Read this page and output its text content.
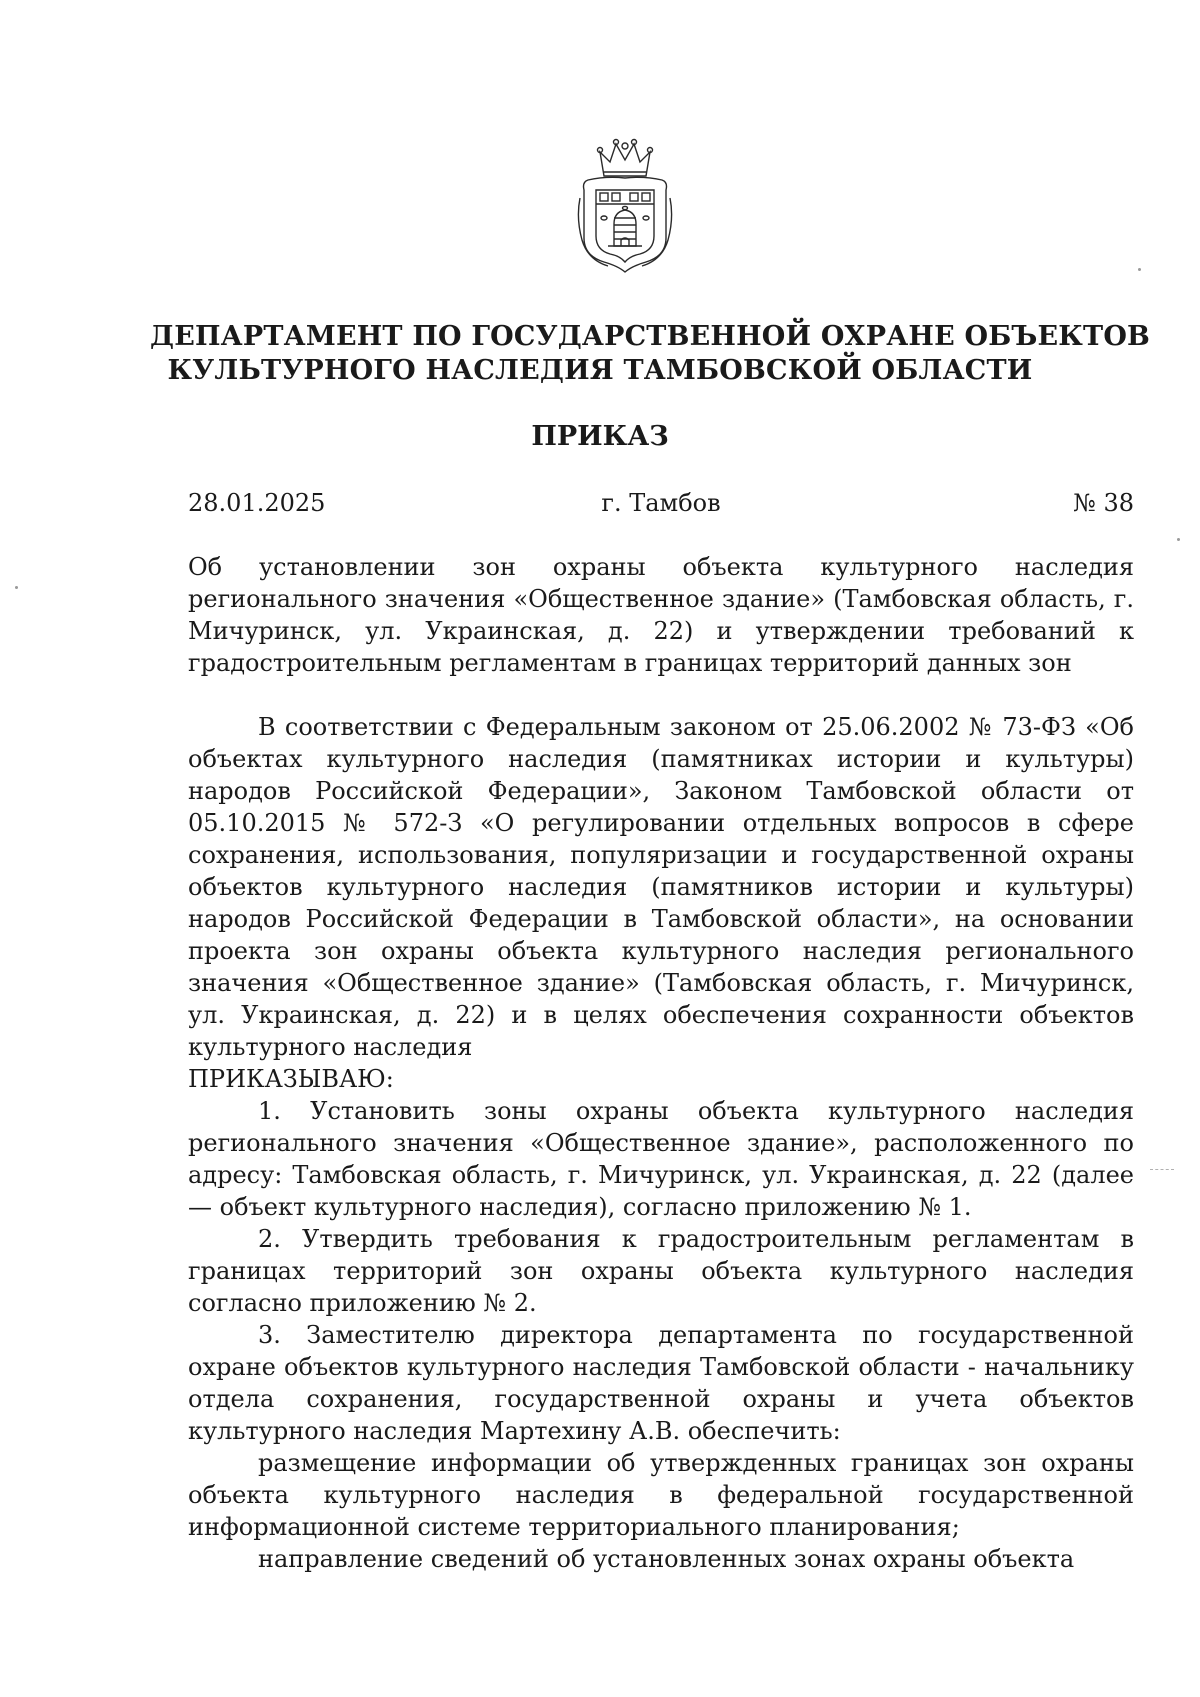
ДЕПАРТАМЕНТ ПО ГОСУДАРСТВЕННОЙ ОХРАНЕ ОБЪЕКТОВ
КУЛЬТУРНОГО НАСЛЕДИЯ ТАМБОВСКОЙ ОБЛАСТИ
ПРИКАЗ
г. Тамбов
28.01.2025	№ 38
Об установлении зон охраны объекта культурного наследия регионального значения «Общественное здание» (Тамбовская область, г. Мичуринск, ул. Украинская, д. 22) и утверждении требований к градостроительным регламентам в границах территорий данных зон

В соответствии с Федеральным законом от 25.06.2002 № 73-ФЗ «Об объектах культурного наследия (памятниках истории и культуры) народов Российской Федерации», Законом Тамбовской области от 05.10.2015 № 572-З «О регулировании отдельных вопросов в сфере сохранения, использования, популяризации и государственной охраны объектов культурного наследия (памятников истории и культуры) народов Российской Федерации в Тамбовской области», на основании проекта зон охраны объекта культурного наследия регионального значения «Общественное здание» (Тамбовская область, г. Мичуринск, ул. Украинская, д. 22) и в целях обеспечения сохранности объектов культурного наследия

ПРИКАЗЫВАЮ:

1. Установить зоны охраны объекта культурного наследия регионального значения «Общественное здание», расположенного по адресу: Тамбовская область, г. Мичуринск, ул. Украинская, д. 22 (далее — объект культурного наследия), согласно приложению № 1.

2. Утвердить требования к градостроительным регламентам в границах территорий зон охраны объекта культурного наследия согласно приложению № 2.

3. Заместителю директора департамента по государственной охране объектов культурного наследия Тамбовской области - начальнику отдела сохранения, государственной охраны и учета объектов культурного наследия Мартехину А.В. обеспечить:

размещение информации об утвержденных границах зон охраны объекта культурного наследия в федеральной государственной информационной системе территориального планирования;

направление сведений об установленных зонах охраны объекта
